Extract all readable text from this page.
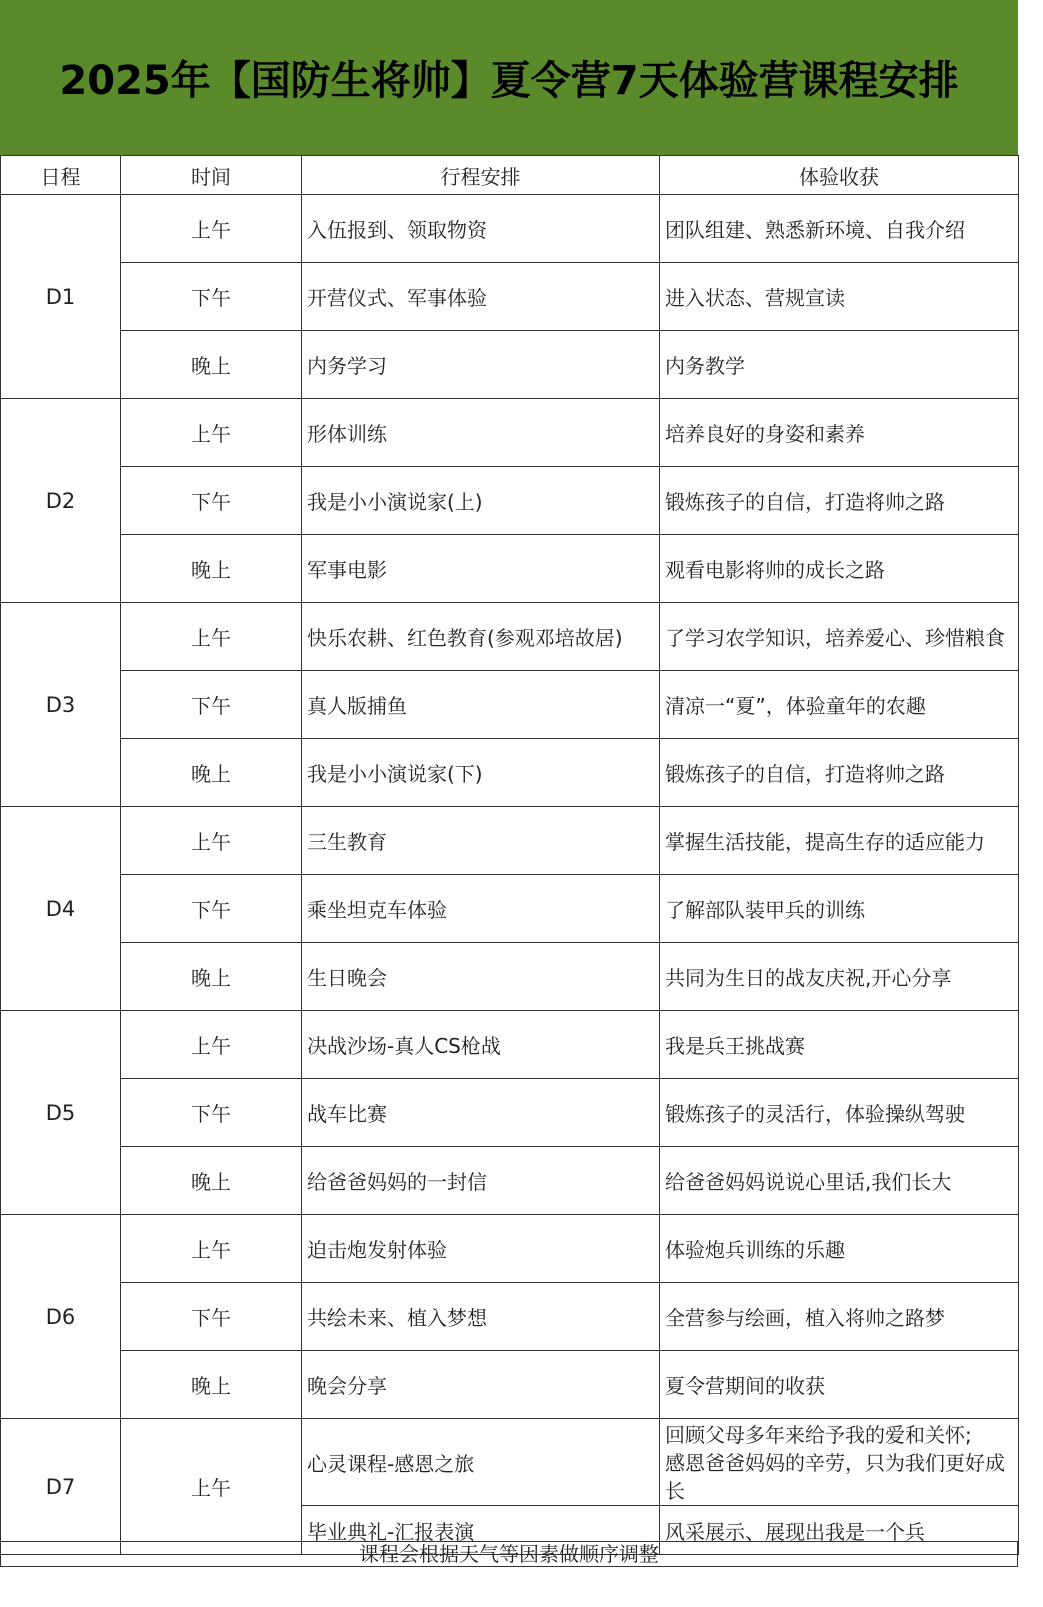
2025年【国防生将帅】夏令营7天体验营课程安排
日程	时间	行程安排	体验收获
D1	上午	入伍报到、领取物资	团队组建、熟悉新环境、自我介绍
	下午	开营仪式、军事体验	进入状态、营规宣读
	晚上	内务学习	内务教学
D2	上午	形体训练	培养良好的身姿和素养
	下午	我是小小演说家(上)	锻炼孩子的自信，打造将帅之路
	晚上	军事电影	观看电影将帅的成长之路
D3	上午	快乐农耕、红色教育(参观邓培故居)	了学习农学知识，培养爱心、珍惜粮食
	下午	真人版捕鱼	清凉一“夏”，体验童年的农趣
	晚上	我是小小演说家(下)	锻炼孩子的自信，打造将帅之路
D4	上午	三生教育	掌握生活技能，提高生存的适应能力
	下午	乘坐坦克车体验	了解部队装甲兵的训练
	晚上	生日晚会	共同为生日的战友庆祝,开心分享
D5	上午	决战沙场-真人CS枪战	我是兵王挑战赛
	下午	战车比赛	锻炼孩子的灵活行，体验操纵驾驶
	晚上	给爸爸妈妈的一封信	给爸爸妈妈说说心里话,我们长大
D6	上午	迫击炮发射体验	体验炮兵训练的乐趣
	下午	共绘未来、植入梦想	全营参与绘画，植入将帅之路梦
	晚上	晚会分享	夏令营期间的收获
D7	上午	心灵课程-感恩之旅	回顾父母多年来给予我的爱和关怀;
感恩爸爸妈妈的辛劳，只为我们更好成长

		毕业典礼-汇报表演	风采展示、展现出我是一个兵
课程会根据天气等因素做顺序调整
